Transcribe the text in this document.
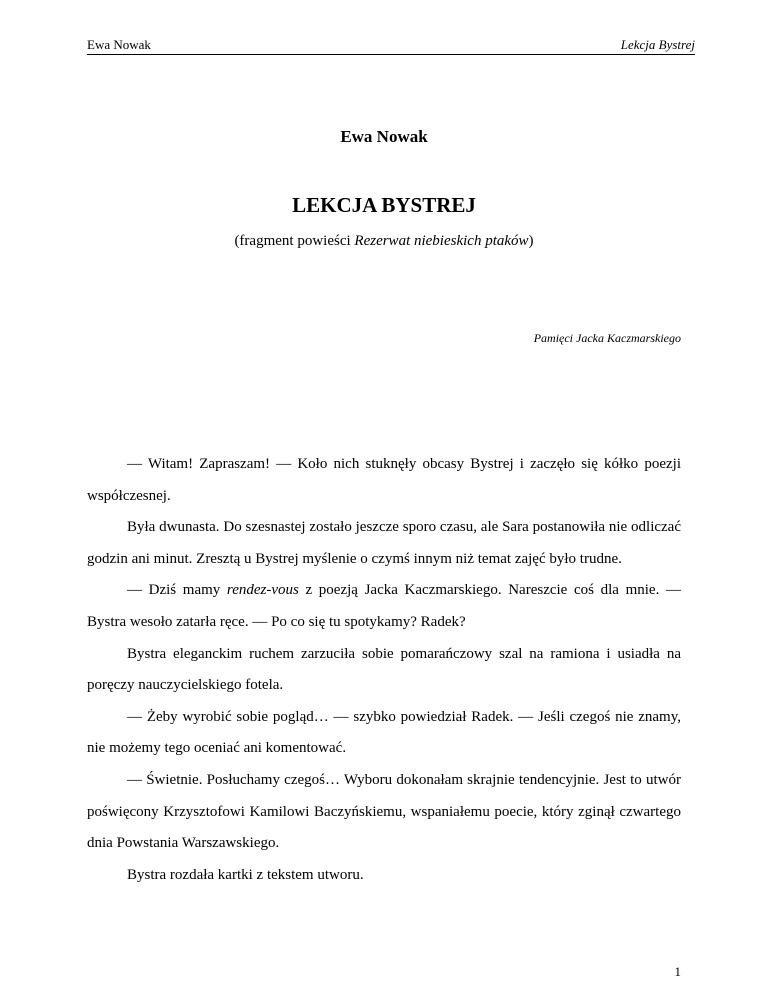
Ewa Nowak	Lekcja Bystrej
Ewa Nowak
LEKCJA BYSTREJ
(fragment powieści Rezerwat niebieskich ptaków)
Pamięci Jacka Kaczmarskiego

— Witam! Zapraszam! — Koło nich stuknęły obcasy Bystrej i zaczęło się kółko poezji współczesnej.

Była dwunasta. Do szesnastej zostało jeszcze sporo czasu, ale Sara postanowiła nie odliczać godzin ani minut. Zresztą u Bystrej myślenie o czymś innym niż temat zajęć było trudne.

— Dziś mamy rendez-vous z poezją Jacka Kaczmarskiego. Nareszcie coś dla mnie. — Bystra wesoło zatarła ręce. — Po co się tu spotykamy? Radek?

Bystra eleganckim ruchem zarzuciła sobie pomarańczowy szal na ramiona i usiadła na poręczy nauczycielskiego fotela.

— Żeby wyrobić sobie pogląd… — szybko powiedział Radek. — Jeśli czegoś nie znamy, nie możemy tego oceniać ani komentować.

— Świetnie. Posłuchamy czegoś… Wyboru dokonałam skrajnie tendencyjnie. Jest to utwór poświęcony Krzysztofowi Kamilowi Baczyńskiemu, wspaniałemu poecie, który zginął czwartego dnia Powstania Warszawskiego.

Bystra rozdała kartki z tekstem utworu.

1
